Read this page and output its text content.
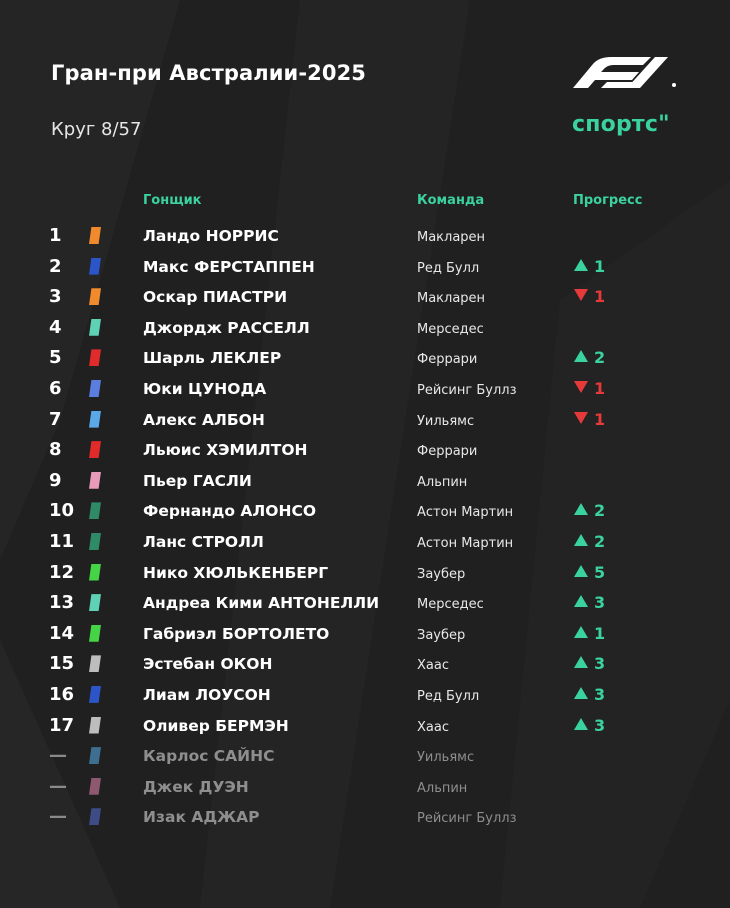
Гран-при Австралии-2025
Круг 8/57	спортс"
Гонщик	Команда	Прогресс
1	Ландо НОРРИС	Макларен
2	Макс ФЕРСТАППЕН	Ред Булл	1
3	Оскар ПИАСТРИ	Макларен	1
4	Джордж РАССЕЛЛ	Мерседес
5	Шарль ЛЕКЛЕР	Феррари	2
6	Юки ЦУНОДА	Рейсинг Буллз	1
7	Алекс АЛБОН	Уильямс	1
8	Льюис ХЭМИЛТОН	Феррари
9	Пьер ГАСЛИ	Альпин
10	Фернандо АЛОНСО	Астон Мартин	2
11	Ланс СТРОЛЛ	Астон Мартин	2
12	Нико ХЮЛЬКЕНБЕРГ	Заубер	5
13	Андреа Кими АНТОНЕЛЛИ	Мерседес	3
14	Габриэл БОРТОЛЕТО	Заубер	1
15	Эстебан ОКОН	Хаас	3
16	Лиам ЛОУСОН	Ред Булл	3
17	Оливер БЕРМЭН	Хаас	3
—	Карлос САЙНС	Уильямс
—	Джек ДУЭН	Альпин
—	Изак АДЖАР	Рейсинг Буллз
